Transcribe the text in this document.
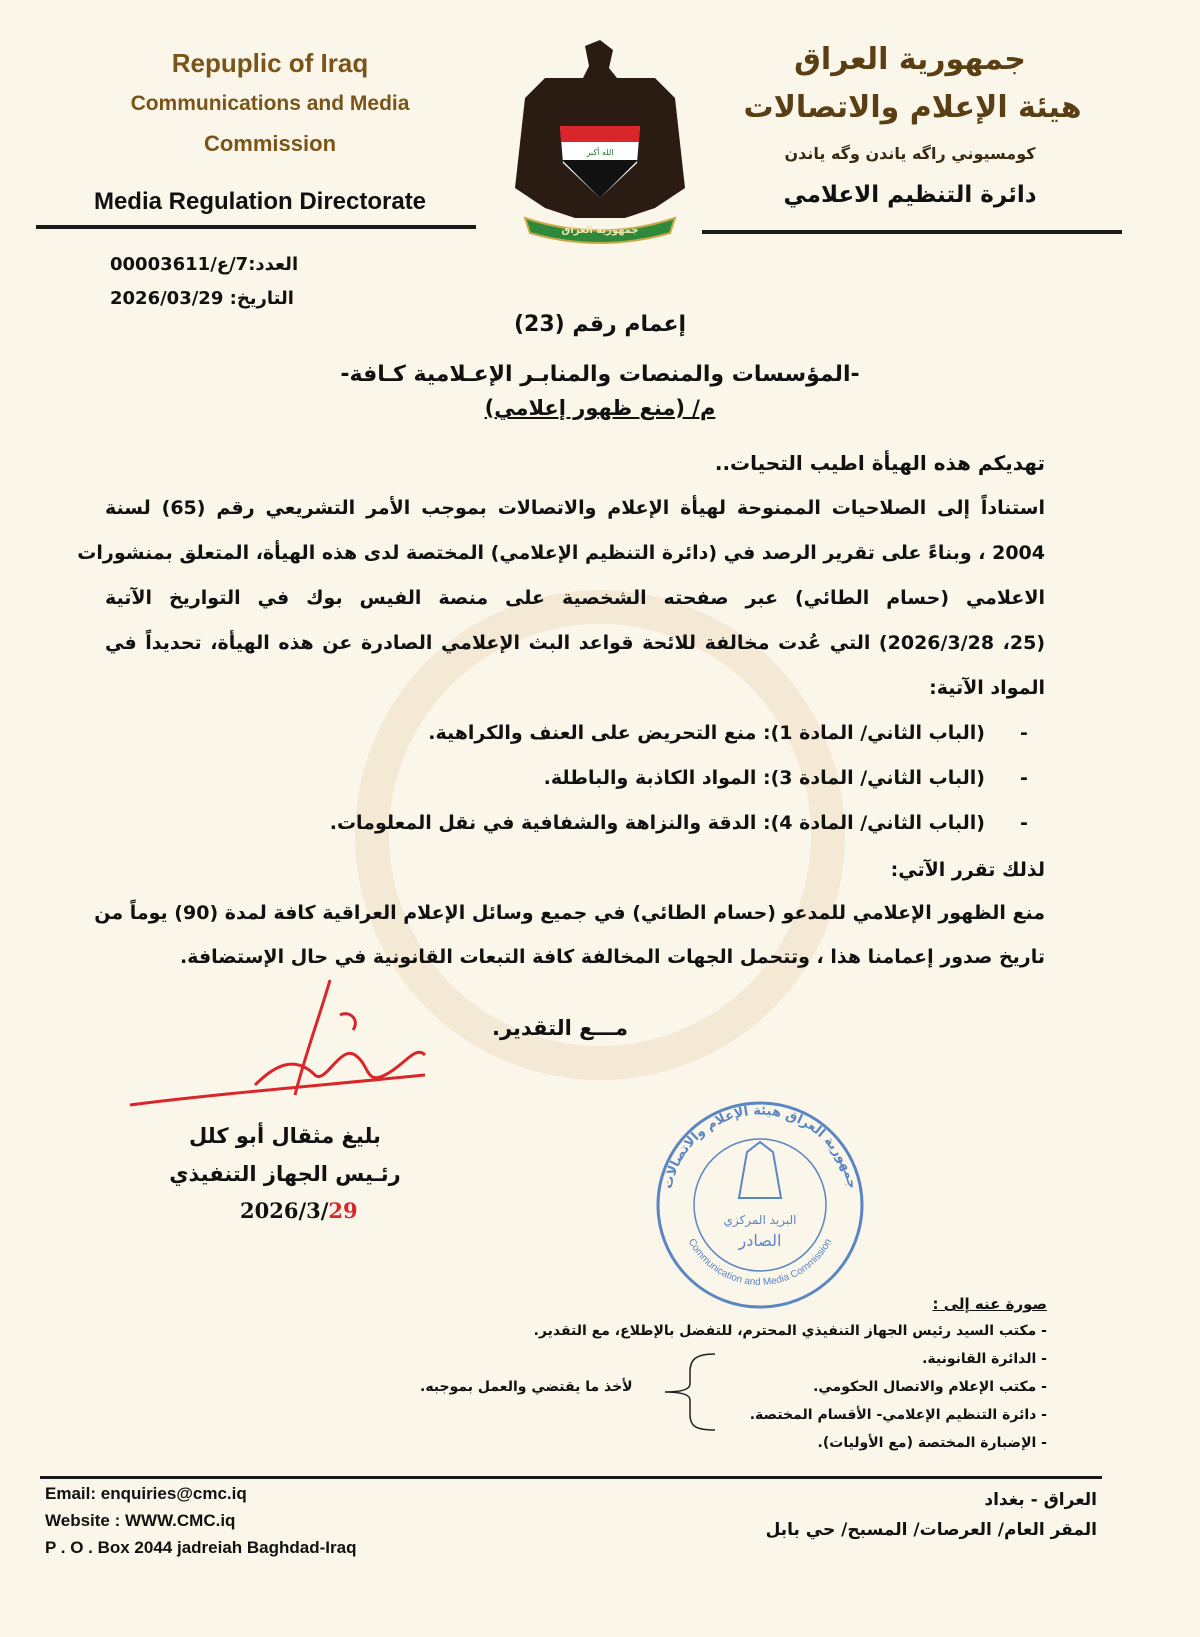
Repuplic of Iraq
Communications and Media
Commission
Media Regulation Directorate
الله أكبر
جمهورية العراق
جمهورية العراق
هيئة الإعلام والاتصالات
كومسيوني راگه ياندن وگه ياندن
دائرة التنظيم الاعلامي
العدد:7/ع/00003611
التاريخ: 2026/03/29
إعمام رقم (23)
-المؤسسات والمنصات والمنابـر الإعـلامية كـافة-
م/ (منع ظهور إعلامي)
تهديكم هذه الهيأة اطيب التحيات..
استناداً إلى الصلاحيات الممنوحة لهيأة الإعلام والاتصالات بموجب الأمر التشريعي رقم (65) لسنة
2004 ، وبناءً على تقرير الرصد في (دائرة التنظيم الإعلامي) المختصة لدى هذه الهيأة، المتعلق بمنشورات
الاعلامي (حسام الطائي) عبر صفحته الشخصية على منصة الفيس بوك في التواريخ الآتية
(25، 2026/3/28) التي عُدت مخالفة للائحة قواعد البث الإعلامي الصادرة عن هذه الهيأة، تحديداً في
المواد الآتية:
-
(الباب الثاني/ المادة 1): منع التحريض على العنف والكراهية.
-
(الباب الثاني/ المادة 3): المواد الكاذبة والباطلة.
-
(الباب الثاني/ المادة 4): الدقة والنزاهة والشفافية في نقل المعلومات.
لذلك تقرر الآتي:
منع الظهور الإعلامي للمدعو (حسام الطائي) في جميع وسائل الإعلام العراقية كافة لمدة (90) يوماً من
تاريخ صدور إعمامنا هذا ، وتتحمل الجهات المخالفة كافة التبعات القانونية في حال الإستضافة.
مـــع التقدير.
بليغ مثقال أبو كلل
رئـيس الجهاز التنفيذي
2026/3/29
جمهورية العراق هيئة الإعلام والاتصالات
Communication and Media Commission
البريد المركزي
الصادر
صورة عنه إلى :
- مكتب السيد رئيس الجهاز التنفيذي المحترم، للتفضل بالإطلاع، مع التقدير.
- الدائرة القانونية.
- مكتب الإعلام والاتصال الحكومي.
- دائرة التنظيم الإعلامي- الأقسام المختصة.
- الإضبارة المختصة (مع الأوليات).
لأخذ ما يقتضي والعمل بموجبه.
Email: enquiries@cmc.iq
Website : WWW.CMC.iq
P . O . Box 2044 jadreiah Baghdad-Iraq
العراق - بغداد
المقر العام/ العرصات/ المسبح/ حي بابل
